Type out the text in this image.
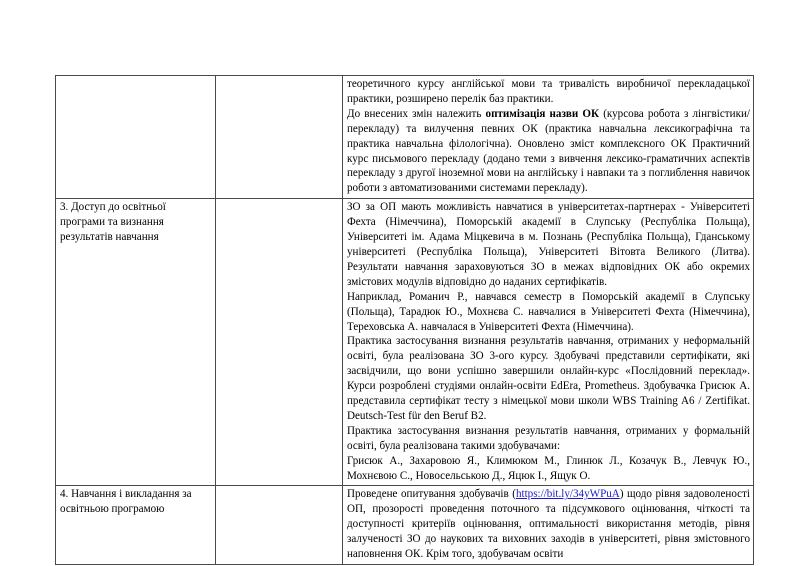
		теоретичного курсу англійської мови та тривалість виробничої перекладацької практики, розширено перелік баз практики.

До внесених змін належить оптимізація назви ОК (курсова робота з лінгвістики/перекладу) та вилучення певних ОК (практика навчальна лексикографічна та практика навчальна філологічна). Оновлено зміст комплексного ОК Практичний курс письмового перекладу (додано теми з вивчення лексико-граматичних аспектів перекладу з другої іноземної мови на англійську і навпаки та з поглиблення навичок роботи з автоматизованими системами перекладу).

3. Доступ до освітньої програми та визнання результатів навчання		ЗО за ОП мають можливість навчатися в університетах-партнерах - Університеті Фехта (Німеччина), Поморській академії в Слупську (Республіка Польща), Університеті ім. Адама Міцкевича в м. Познань (Республіка Польща), Гданському університеті (Республіка Польща), Університеті Вітовта Великого (Литва). Результати навчання зараховуються ЗО в межах відповідних ОК або окремих змістових модулів відповідно до наданих сертифікатів.

Наприклад, Романич Р., навчався семестр в Поморській академії в Слупську (Польща), Тарадюк Ю., Мохнєва С. навчалися в Університеті Фехта (Німеччина), Тереховська А. навчалася в Університеті Фехта (Німеччина).

Практика застосування визнання результатів навчання, отриманих у неформальній освіті, була реалізована ЗО 3-ого курсу. Здобувачі представили сертифікати, які засвідчили, що вони успішно завершили онлайн-курс «Послідовний переклад». Курси розроблені студіями онлайн-освіти EdEra, Prometheus. Здобувачка Грисюк А. представила сертифікат тесту з німецької мови школи WBS Training A6 / Zertifikat. Deutsch-Test für den Beruf B2.

Практика застосування визнання результатів навчання, отриманих у формальній освіті, була реалізована такими здобувачами:

Грисюк А., Захаровою Я., Климюком М., Глинюк Л., Козачук В., Левчук Ю., Мохнєвою С., Новосельською Д., Яцюк І., Ящук О.

4. Навчання і викладання за освітньою програмою		Проведене опитування здобувачів (https://bit.ly/34yWPuA) щодо рівня задоволеності ОП, прозорості проведення поточного та підсумкового оцінювання, чіткості та доступності критеріїв оцінювання, оптимальності використання методів, рівня залученості ЗО до наукових та виховних заходів в університеті, рівня змістовного наповнення ОК. Крім того, здобувачам освіти
